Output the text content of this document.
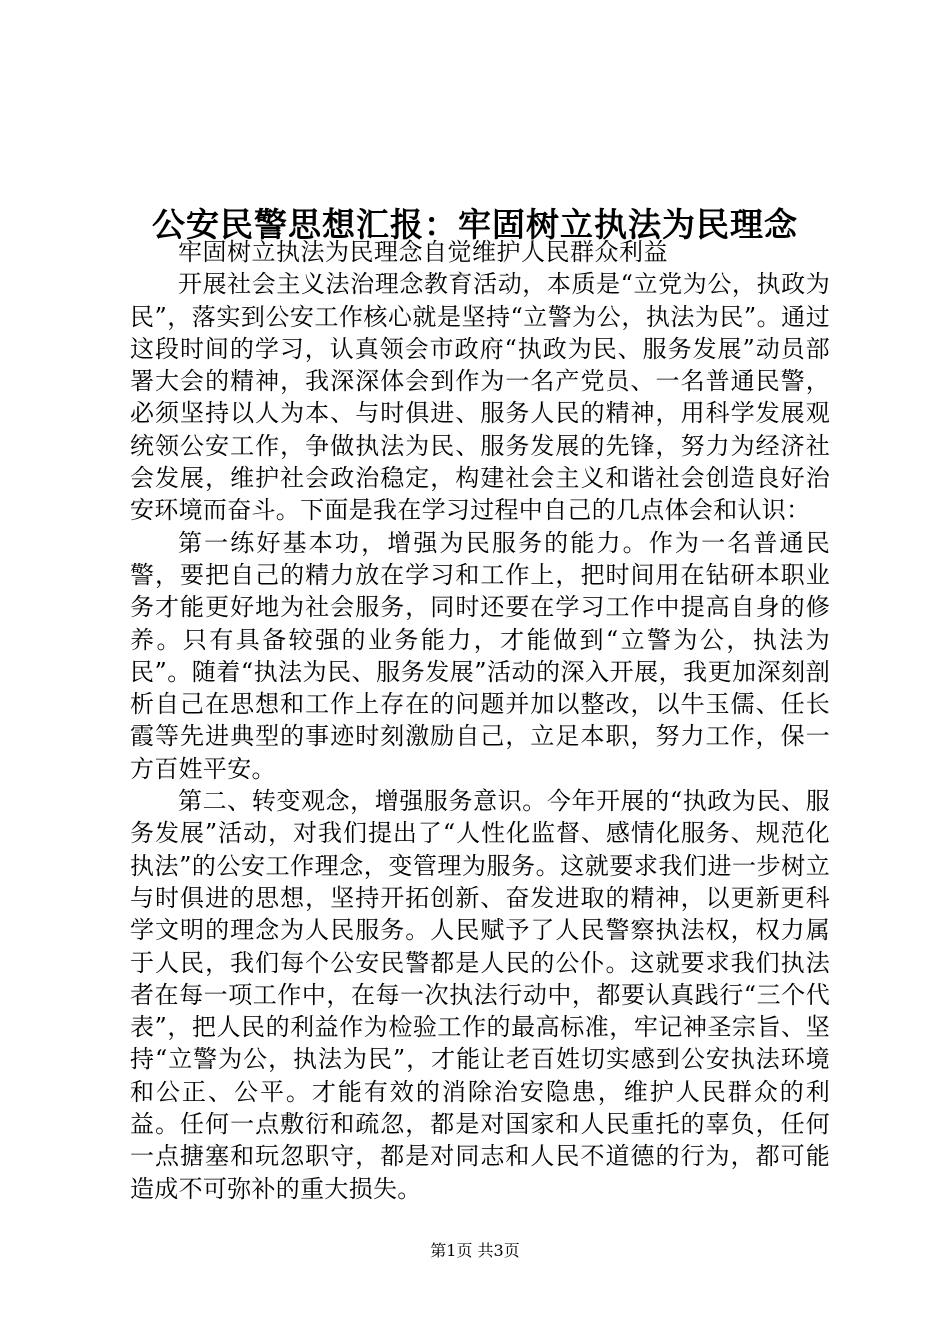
公安民警思想汇报：牢固树立执法为民理念

牢固树立执法为民理念自觉维护人民群众利益

开展社会主义法治理念教育活动，本质是“立党为公，执政为民”，落实到公安工作核心就是坚持“立警为公，执法为民”。通过这段时间的学习，认真领会市政府“执政为民、服务发展”动员部署大会的精神，我深深体会到作为一名产党员、一名普通民警，必须坚持以人为本、与时俱进、服务人民的精神，用科学发展观统领公安工作，争做执法为民、服务发展的先锋，努力为经济社会发展，维护社会政治稳定，构建社会主义和谐社会创造良好治安环境而奋斗。下面是我在学习过程中自己的几点体会和认识：

第一练好基本功，增强为民服务的能力。作为一名普通民警，要把自己的精力放在学习和工作上，把时间用在钻研本职业务才能更好地为社会服务，同时还要在学习工作中提高自身的修养。只有具备较强的业务能力，才能做到“立警为公，执法为民”。随着“执法为民、服务发展”活动的深入开展，我更加深刻剖析自己在思想和工作上存在的问题并加以整改，以牛玉儒、任长霞等先进典型的事迹时刻激励自己，立足本职，努力工作，保一方百姓平安。

第二、转变观念，增强服务意识。今年开展的“执政为民、服务发展”活动，对我们提出了“人性化监督、感情化服务、规范化执法”的公安工作理念，变管理为服务。这就要求我们进一步树立与时俱进的思想，坚持开拓创新、奋发进取的精神，以更新更科学文明的理念为人民服务。人民赋予了人民警察执法权，权力属于人民，我们每个公安民警都是人民的公仆。这就要求我们执法者在每一项工作中，在每一次执法行动中，都要认真践行“三个代表”，把人民的利益作为检验工作的最高标准，牢记神圣宗旨、坚持“立警为公，执法为民”，才能让老百姓切实感到公安执法环境和公正、公平。才能有效的消除治安隐患，维护人民群众的利益。任何一点敷衍和疏忽，都是对国家和人民重托的辜负，任何一点搪塞和玩忽职守，都是对同志和人民不道德的行为，都可能造成不可弥补的重大损失。

第1页 共3页
